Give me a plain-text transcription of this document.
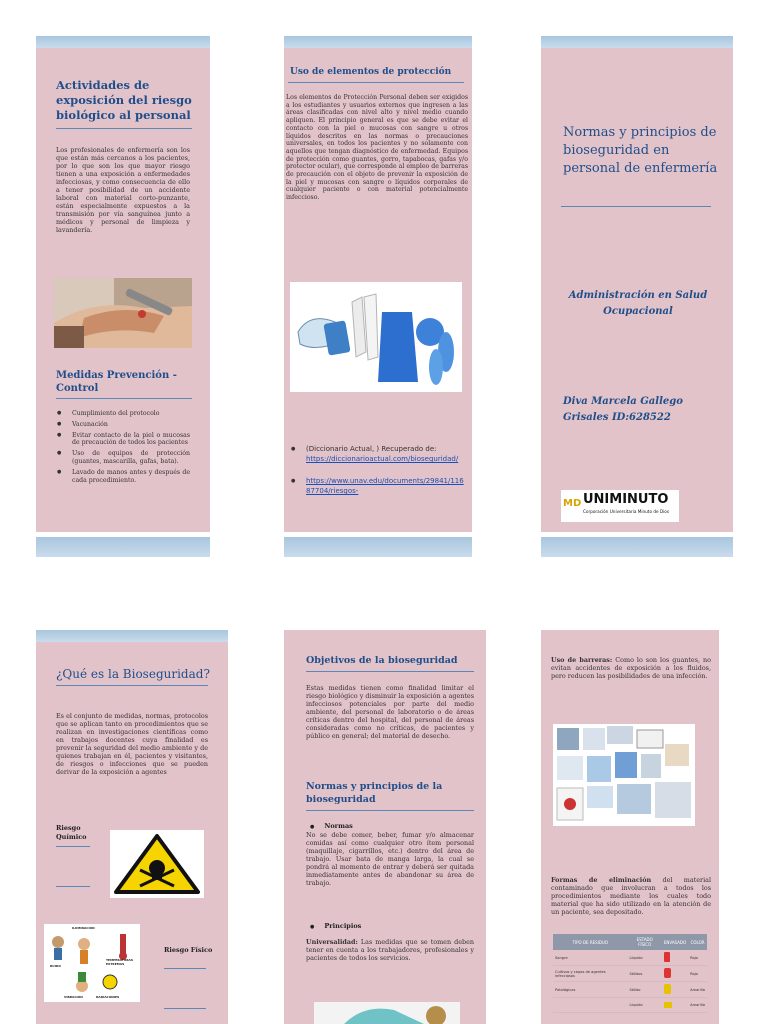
Actividades de exposición del riesgo biológico al personal
Los profesionales de enfermería son los que están más cercanos a los pacientes, por lo que son los que mayor riesgo tienen a una exposición a enfermedades infecciosas, y como consecuencia de ello a tener posibilidad de un accidente laboral con material corto-punzante, están especialmente expuestos a la transmisión por vía sanguínea junto a médicos y personal de limpieza y lavandería.
Medidas Prevención - Control
● Cumplimiento del protocolo
● Vacunación
● Evitar contacto de la piel o mucosas de precaución de todos los pacientes
● Uso de equipos de protección (guantes, mascarilla, gafas, bata).
● Lavado de manos antes y después de cada procedimiento.
Uso de elementos de protección
Los elementos de Protección Personal deben ser exigidos a los estudiantes y usuarios externos que ingresen a las áreas clasificadas con nivel alto y nivel medio cuando apliquen. El principio general es que se debe evitar el contacto con la piel o mucosas con sangre u otros líquidos descritos en las normas o precauciones universales, en todos los pacientes y no solamente con aquellos que tengan diagnóstico de enfermedad. Equipos de protección como guantes, gorro, tapabocas, gafas y/o protector ocular), que corresponde al empleo de barreras de precaución con el objeto de prevenir la exposición de la piel y mucosas con sangre o líquidos corporales de cualquier paciente o con material potencialmente infeccioso.
● (Diccionario Actual, ) Recuperado de:
https://diccionarioactual.com/bioseguridad/
● https://www.unav.edu/documents/29841/11687704/riesgos-
Normas y principios de bioseguridad en personal de enfermería
Administración en Salud Ocupacional
Diva Marcela Gallego Grisales ID:628522
MD UNIMINUTO
Corporación Universitaria Minuto de Dios
¿Qué es la Bioseguridad?
Es el conjunto de medidas, normas, protocolos que se aplican tanto en procedimientos que se realizan en investigaciones científicas como en trabajos docentes cuya finalidad es prevenir la seguridad del medio ambiente y de quienes trabajan en él, pacientes y visitantes, de riesgos o infecciones que se pueden derivar de la exposición a agentes
Riesgo Químico
ILUMINACIÓN
TEMPERATURAS EXTREMAS
RUIDO
VIBRACIÓN	RADIACIONES
Riesgo Físico
Objetivos de la bioseguridad
Estas medidas tienen como finalidad limitar el riesgo biológico y disminuir la exposición a agentes infecciosos potenciales por parte del medio ambiente, del personal de laboratorio o de áreas críticas dentro del hospital, del personal de áreas consideradas como no críticas, de pacientes y público en general; del material de desecho.
Normas y principios de la bioseguridad
● Normas
No se debe comer, beber, fumar y/o almacenar comidas así como cualquier otro ítem personal (maquillaje, cigarrillos, etc.) dentro del área de trabajo. Usar bata de manga larga, la cual se pondrá al momento de entrar y deberá ser quitada inmediatamente antes de abandonar su área de trabajo.
● Principios
Universalidad: Las medidas que se tomen deben tener en cuenta a los trabajadores, profesionales y pacientes de todos los servicios.
Uso de barreras: Como lo son los guantes, no evitan accidentes de exposición a los fluidos, pero reducen las posibilidades de una infección.
Formas de eliminación del material contaminado que involucran a todos los procedimientos mediante los cuales todo material que ha sido utilizado en la atención de un paciente, sea depositado.
TIPO DE RESIDUO	ESTADO FÍSICO	ENVASADO	COLOR
Sangre	Líquido		Rojo
Cultivos y cepas de agentes infecciosos	Sólidos		Rojo
Patológicos	Sólido		Amarillo
	Líquido		Amarillo
